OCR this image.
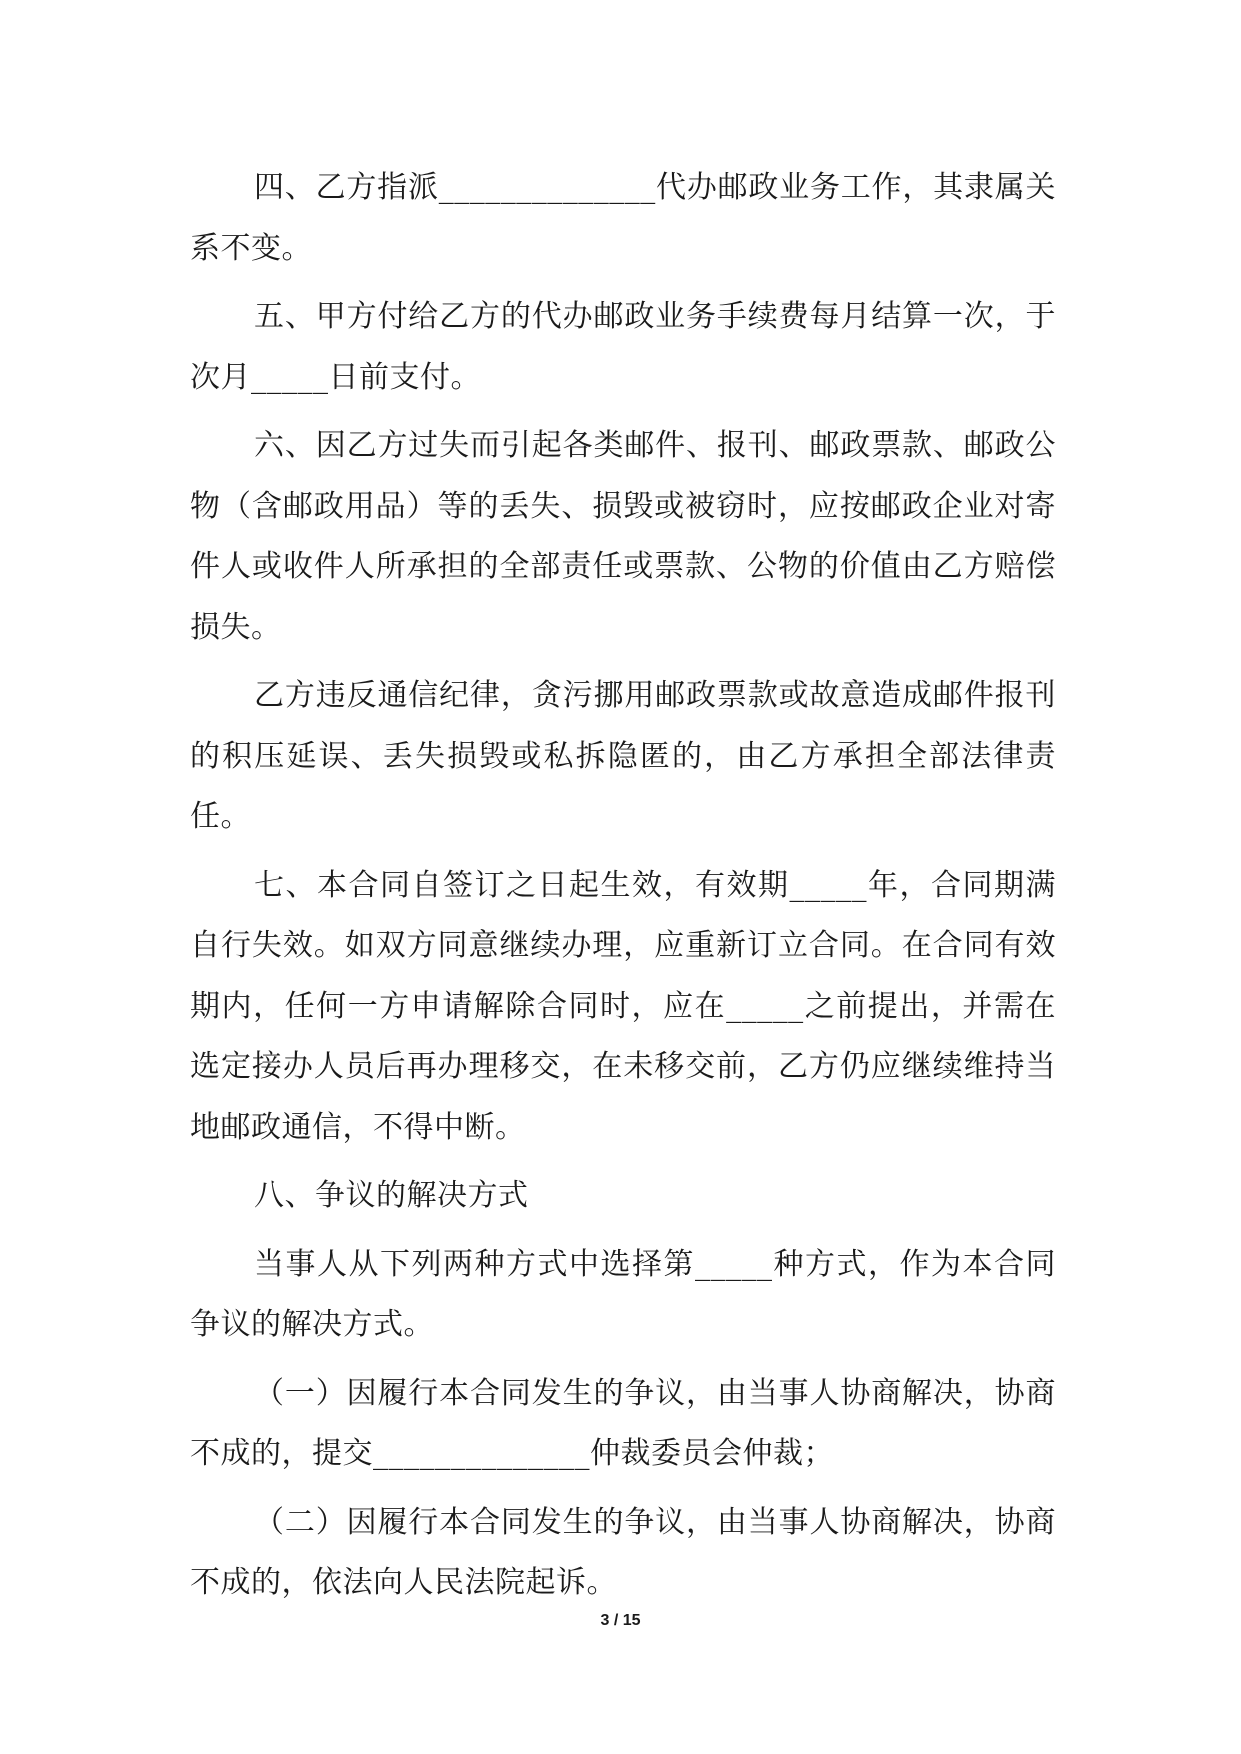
四、乙方指派______________代办邮政业务工作，其隶属关系不变。

五、甲方付给乙方的代办邮政业务手续费每月结算一次，于次月_____日前支付。

六、因乙方过失而引起各类邮件、报刊、邮政票款、邮政公物（含邮政用品）等的丢失、损毁或被窃时，应按邮政企业对寄件人或收件人所承担的全部责任或票款、公物的价值由乙方赔偿损失。

乙方违反通信纪律，贪污挪用邮政票款或故意造成邮件报刊的积压延误、丢失损毁或私拆隐匿的，由乙方承担全部法律责任。

七、本合同自签订之日起生效，有效期_____年，合同期满自行失效。如双方同意继续办理，应重新订立合同。在合同有效期内，任何一方申请解除合同时，应在_____之前提出，并需在选定接办人员后再办理移交，在未移交前，乙方仍应继续维持当地邮政通信，不得中断。

八、争议的解决方式

当事人从下列两种方式中选择第_____种方式，作为本合同争议的解决方式。

（一）因履行本合同发生的争议，由当事人协商解决，协商不成的，提交______________仲裁委员会仲裁；

（二）因履行本合同发生的争议，由当事人协商解决，协商不成的，依法向人民法院起诉。

3 / 15
